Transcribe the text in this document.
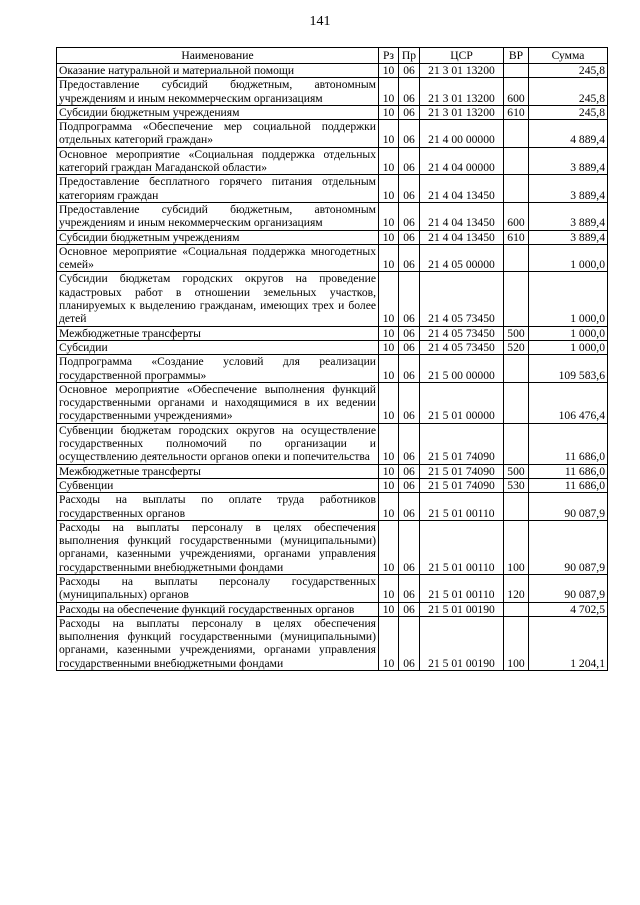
141
Наименование	Рз	Пр	ЦСР	ВР	Сумма
Оказание натуральной и материальной помощи	10	06	21 3 01 13200		245,8
Предоставление субсидий бюджетным, автономным учреждениям и иным некоммерческим организациям	10	06	21 3 01 13200	600	245,8
Субсидии бюджетным учреждениям	10	06	21 3 01 13200	610	245,8
Подпрограмма «Обеспечение мер социальной поддержки отдельных категорий граждан»	10	06	21 4 00 00000		4 889,4
Основное мероприятие «Социальная поддержка отдельных категорий граждан Магаданской области»	10	06	21 4 04 00000		3 889,4
Предоставление бесплатного горячего питания отдельным категориям граждан	10	06	21 4 04 13450		3 889,4
Предоставление субсидий бюджетным, автономным учреждениям и иным некоммерческим организациям	10	06	21 4 04 13450	600	3 889,4
Субсидии бюджетным учреждениям	10	06	21 4 04 13450	610	3 889,4
Основное мероприятие «Социальная поддержка многодетных семей»	10	06	21 4 05 00000		1 000,0
Субсидии бюджетам городских округов на проведение кадастровых работ в отношении земельных участков, планируемых к выделению гражданам, имеющих трех и более детей	10	06	21 4 05 73450		1 000,0
Межбюджетные трансферты	10	06	21 4 05 73450	500	1 000,0
Субсидии	10	06	21 4 05 73450	520	1 000,0
Подпрограмма «Создание условий для реализации государственной программы»	10	06	21 5 00 00000		109 583,6
Основное мероприятие «Обеспечение выполнения функций государственными органами и находящимися в их ведении государственными учреждениями»	10	06	21 5 01 00000		106 476,4
Субвенции бюджетам городских округов на осуществление государственных полномочий по организации и осуществлению деятельности органов опеки и попечительства	10	06	21 5 01 74090		11 686,0
Межбюджетные трансферты	10	06	21 5 01 74090	500	11 686,0
Субвенции	10	06	21 5 01 74090	530	11 686,0
Расходы на выплаты по оплате труда работников государственных органов	10	06	21 5 01 00110		90 087,9
Расходы на выплаты персоналу в целях обеспечения выполнения функций государственными (муниципальными) органами, казенными учреждениями, органами управления государственными внебюджетными фондами	10	06	21 5 01 00110	100	90 087,9
Расходы на выплаты персоналу государственных (муниципальных) органов	10	06	21 5 01 00110	120	90 087,9
Расходы на обеспечение функций государственных органов	10	06	21 5 01 00190		4 702,5
Расходы на выплаты персоналу в целях обеспечения выполнения функций государственными (муниципальными) органами, казенными учреждениями, органами управления государственными внебюджетными фондами	10	06	21 5 01 00190	100	1 204,1
